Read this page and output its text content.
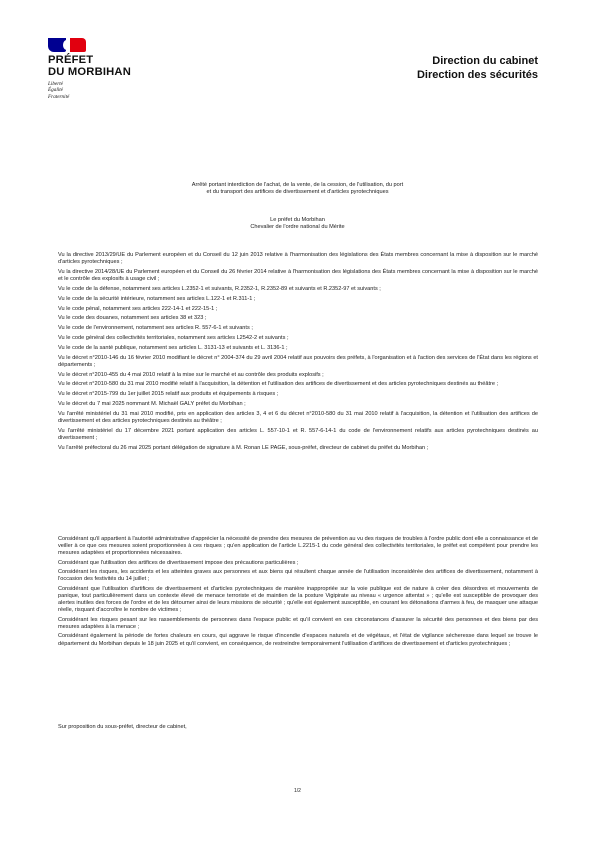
PRÉFET
DU MORBIHAN
Liberté
Égalité
Fraternité
Direction du cabinet
Direction des sécurités
Arrêté portant interdiction de l'achat, de la vente, de la cession, de l'utilisation, du port
et du transport des artifices de divertissement et d'articles pyrotechniques
Le préfet du Morbihan
Chevalier de l'ordre national du Mérite

Vu la directive 2013/29/UE du Parlement européen et du Conseil du 12 juin 2013 relative à l'harmonisation des législations des États membres concernant la mise à disposition sur le marché d'articles pyrotechniques ;

Vu la directive 2014/28/UE du Parlement européen et du Conseil du 26 février 2014 relative à l'harmonisation des législations des États membres concernant la mise à disposition sur le marché et le contrôle des explosifs à usage civil ;

Vu le code de la défense, notamment ses articles L.2352-1 et suivants, R.2352-1, R.2352-89 et suivants et R.2352-97 et suivants ;

Vu le code de la sécurité intérieure, notamment ses articles L.122-1 et R.311-1 ;

Vu le code pénal, notamment ses articles 222-14-1 et 222-15-1 ;

Vu le code des douanes, notamment ses articles 38 et 323 ;

Vu le code de l'environnement, notamment ses articles R. 557-6-1 et suivants ;

Vu le code général des collectivités territoriales, notamment ses articles L2542-2 et suivants ;

Vu le code de la santé publique, notamment ses articles L. 3131-13 et suivants et L. 3136-1 ;

Vu le décret n°2010-146 du 16 février 2010 modifiant le décret n° 2004-374 du 29 avril 2004 relatif aux pouvoirs des préfets, à l'organisation et à l'action des services de l'État dans les régions et départements ;

Vu le décret n°2010-455 du 4 mai 2010 relatif à la mise sur le marché et au contrôle des produits explosifs ;

Vu le décret n°2010-580 du 31 mai 2010 modifié relatif à l'acquisition, la détention et l'utilisation des artifices de divertissement et des articles pyrotechniques destinés au théâtre ;

Vu le décret n°2015-799 du 1er juillet 2015 relatif aux produits et équipements à risques ;

Vu le décret du 7 mai 2025 nommant M. Michaël GALY préfet du Morbihan ;

Vu l'arrêté ministériel du 31 mai 2010 modifié, pris en application des articles 3, 4 et 6 du décret n°2010-580 du 31 mai 2010 relatif à l'acquisition, la détention et l'utilisation des artifices de divertissement et des articles pyrotechniques destinés au théâtre ;

Vu l'arrêté ministériel du 17 décembre 2021 portant application des articles L. 557-10-1 et R. 557-6-14-1 du code de l'environnement relatifs aux articles pyrotechniques destinés au divertissement ;

Vu l'arrêté préfectoral du 26 mai 2025 portant délégation de signature à M. Ronan LE PAGE, sous-préfet, directeur de cabinet du préfet du Morbihan ;

Considérant qu'il appartient à l'autorité administrative d'apprécier la nécessité de prendre des mesures de prévention au vu des risques de troubles à l'ordre public dont elle a connaissance et de veiller à ce que ces mesures soient proportionnées à ces risques ; qu'en application de l'article L.2215-1 du code général des collectivités territoriales, le préfet est compétent pour prendre les mesures adaptées et proportionnées nécessaires.

Considérant que l'utilisation des artifices de divertissement impose des précautions particulières ;

Considérant les risques, les accidents et les atteintes graves aux personnes et aux biens qui résultent chaque année de l'utilisation inconsidérée des artifices de divertissement, notamment à l'occasion des festivités du 14 juillet ;

Considérant que l'utilisation d'artifices de divertissement et d'articles pyrotechniques de manière inappropriée sur la voie publique est de nature à créer des désordres et mouvements de panique, tout particulièrement dans un contexte élevé de menace terroriste et de maintien de la posture Vigipirate au niveau « urgence attentat » ; qu'elle est susceptible de provoquer des alertes inutiles des forces de l'ordre et de les détourner ainsi de leurs missions de sécurité ; qu'elle est également susceptible, en courant les détonations d'armes à feu, de masquer une attaque réelle, risquant d'accroître le nombre de victimes ;

Considérant les risques pesant sur les rassemblements de personnes dans l'espace public et qu'il convient en ces circonstances d'assurer la sécurité des personnes et des biens par des mesures adaptées à la menace ;

Considérant également la période de fortes chaleurs en cours, qui aggrave le risque d'incendie d'espaces naturels et de végétaux, et l'état de vigilance sécheresse dans lequel se trouve le département du Morbihan depuis le 18 juin 2025 et qu'il convient, en conséquence, de restreindre temporairement l'utilisation d'artifices de divertissement et d'articles pyrotechniques ;

Sur proposition du sous-préfet, directeur de cabinet,

1/2
